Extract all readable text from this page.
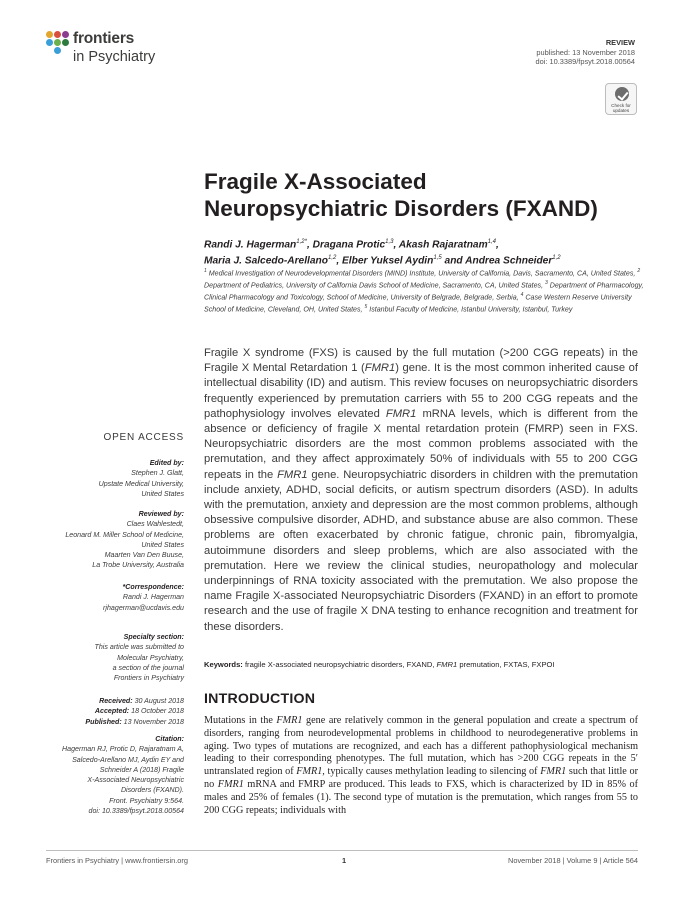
frontiers
in Psychiatry
REVIEW
published: 13 November 2018
doi: 10.3389/fpsyt.2018.00564
Check for
updates
Fragile X-Associated
Neuropsychiatric Disorders (FXAND)
Randi J. Hagerman$^{1,2*}$, Dragana Protic$^{1,3}$, Akash Rajaratnam$^{1,4}$,
Maria J. Salcedo-Arellano$^{1,2}$, Elber Yuksel Aydin$^{1,5}$ and Andrea Schneider$^{1,2}$
$^1$ Medical Investigation of Neurodevelopmental Disorders (MIND) Institute, University of California, Davis, Sacramento, CA, United States, $^2$ Department of Pediatrics, University of California Davis School of Medicine, Sacramento, CA, United States, $^3$ Department of Pharmacology, Clinical Pharmacology and Toxicology, School of Medicine, University of Belgrade, Belgrade, Serbia, $^4$ Case Western Reserve University School of Medicine, Cleveland, OH, United States, $^5$ Istanbul Faculty of Medicine, Istanbul University, Istanbul, Turkey
OPEN ACCESS
Edited by:
Stephen J. Glatt,
Upstate Medical University,
United States
Reviewed by:
Claes Wahlestedt,
Leonard M. Miller School of Medicine,
United States
Maarten Van Den Buuse,
La Trobe University, Australia
*Correspondence:
Randi J. Hagerman
rjhagerman@ucdavis.edu
Specialty section:
This article was submitted to
Molecular Psychiatry,
a section of the journal
Frontiers in Psychiatry
Received: 30 August 2018
Accepted: 18 October 2018
Published: 13 November 2018
Citation:
Hagerman RJ, Protic D, Rajaratnam A,
Salcedo-Arellano MJ, Aydin EY and
Schneider A (2018) Fragile
X-Associated Neuropsychiatric
Disorders (FXAND).
Front. Psychiatry 9:564.
doi: 10.3389/fpsyt.2018.00564
Fragile X syndrome (FXS) is caused by the full mutation (>200 CGG repeats) in the Fragile X Mental Retardation 1 (FMR1) gene. It is the most common inherited cause of intellectual disability (ID) and autism. This review focuses on neuropsychiatric disorders frequently experienced by premutation carriers with 55 to 200 CGG repeats and the pathophysiology involves elevated FMR1 mRNA levels, which is different from the absence or deficiency of fragile X mental retardation protein (FMRP) seen in FXS. Neuropsychiatric disorders are the most common problems associated with the premutation, and they affect approximately 50% of individuals with 55 to 200 CGG repeats in the FMR1 gene. Neuropsychiatric disorders in children with the premutation include anxiety, ADHD, social deficits, or autism spectrum disorders (ASD). In adults with the premutation, anxiety and depression are the most common problems, although obsessive compulsive disorder, ADHD, and substance abuse are also common. These problems are often exacerbated by chronic fatigue, chronic pain, fibromyalgia, autoimmune disorders and sleep problems, which are also associated with the premutation. Here we review the clinical studies, neuropathology and molecular underpinnings of RNA toxicity associated with the premutation. We also propose the name Fragile X-associated Neuropsychiatric Disorders (FXAND) in an effort to promote research and the use of fragile X DNA testing to enhance recognition and treatment for these disorders.
Keywords: fragile X-associated neuropsychiatric disorders, FXAND, FMR1 premutation, FXTAS, FXPOI
INTRODUCTION
Mutations in the FMR1 gene are relatively common in the general population and create a spectrum of disorders, ranging from neurodevelopmental problems in childhood to neurodegenerative problems in aging. Two types of mutations are recognized, and each has a different pathophysiological mechanism leading to their corresponding phenotypes. The full mutation, which has >200 CGG repeats in the 5′ untranslated region of FMR1, typically causes methylation leading to silencing of FMR1 such that little or no FMR1 mRNA and FMRP are produced. This leads to FXS, which is characterized by ID in 85% of males and 25% of females (1). The second type of mutation is the premutation, which ranges from 55 to 200 CGG repeats; individuals with
Frontiers in Psychiatry | www.frontiersin.org	1	November 2018 | Volume 9 | Article 564
